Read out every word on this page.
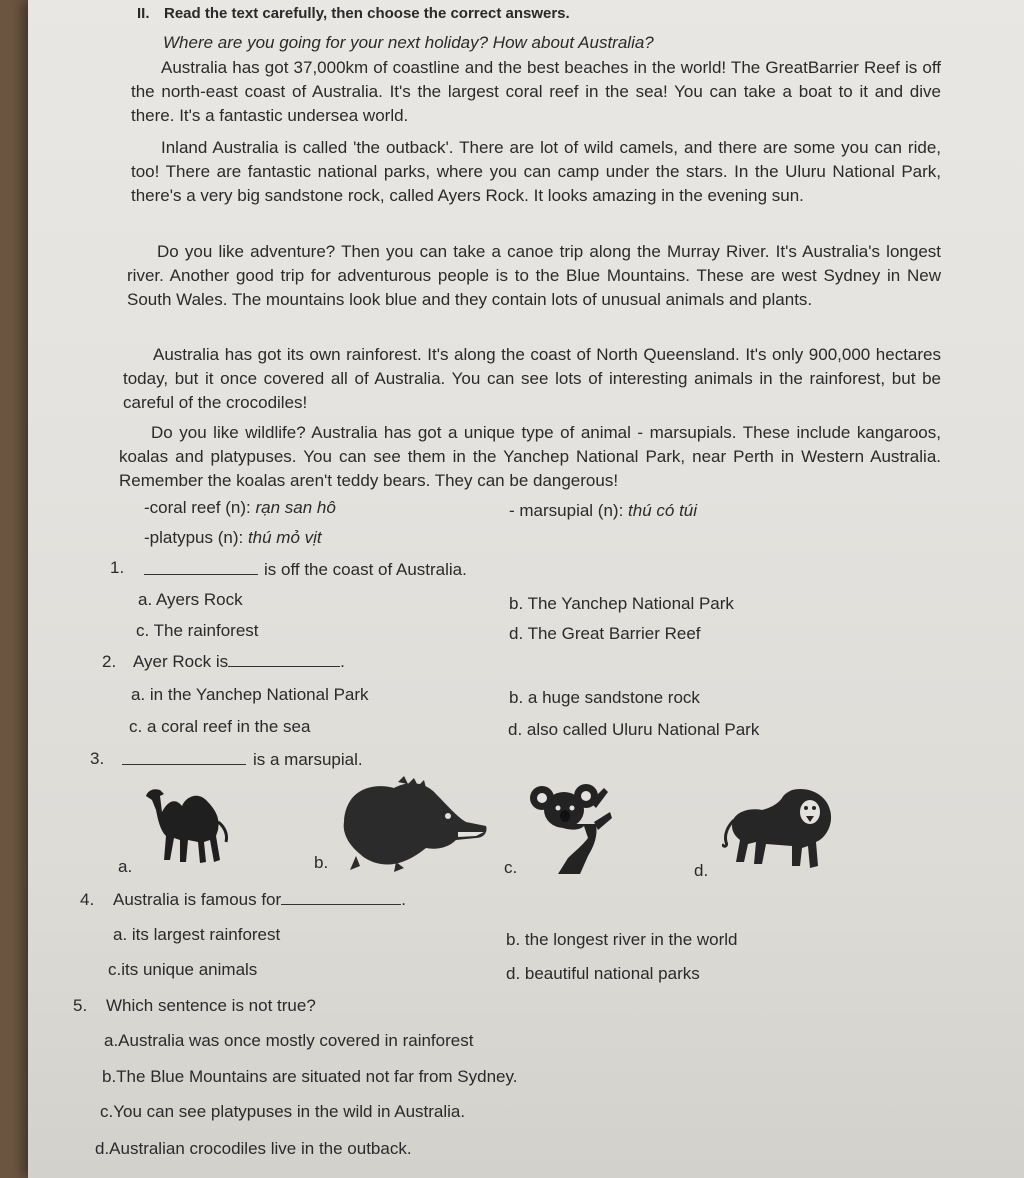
II. Read the text carefully, then choose the correct answers.
Where are you going for your next holiday? How about Australia?
Australia has got 37,000km of coastline and the best beaches in the world! The GreatBarrier Reef is off the north-east coast of Australia. It's the largest coral reef in the sea! You can take a boat to it and dive there. It's a fantastic undersea world.
Inland Australia is called 'the outback'. There are lot of wild camels, and there are some you can ride, too! There are fantastic national parks, where you can camp under the stars. In the Uluru National Park, there's a very big sandstone rock, called Ayers Rock. It looks amazing in the evening sun.
Do you like adventure? Then you can take a canoe trip along the Murray River. It's Australia's longest river. Another good trip for adventurous people is to the Blue Mountains. These are west Sydney in New South Wales. The mountains look blue and they contain lots of unusual animals and plants.
Australia has got its own rainforest. It's along the coast of North Queensland. It's only 900,000 hectares today, but it once covered all of Australia. You can see lots of interesting animals in the rainforest, but be careful of the crocodiles!
Do you like wildlife? Australia has got a unique type of animal - marsupials. These include kangaroos, koalas and platypuses. You can see them in the Yanchep National Park, near Perth in Western Australia. Remember the koalas aren't teddy bears. They can be dangerous!
-coral reef (n): rạn san hô	- marsupial (n): thú có túi
-platypus (n): thú mỏ vịt
1.	is off the coast of Australia.
a. Ayers Rock	b. The Yanchep National Park
c. The rainforest	d. The Great Barrier Reef
2. Ayer Rock is	.
a. in the Yanchep National Park	b. a huge sandstone rock
c. a coral reef in the sea	d. also called Uluru National Park
3.	is a marsupial.
a.	b.	c.	d.
4. Australia is famous for	.
a. its largest rainforest	b. the longest river in the world
c.its unique animals	d. beautiful national parks
5. Which sentence is not true?
a.Australia was once mostly covered in rainforest
b.The Blue Mountains are situated not far from Sydney.
c.You can see platypuses in the wild in Australia.
d.Australian crocodiles live in the outback.
